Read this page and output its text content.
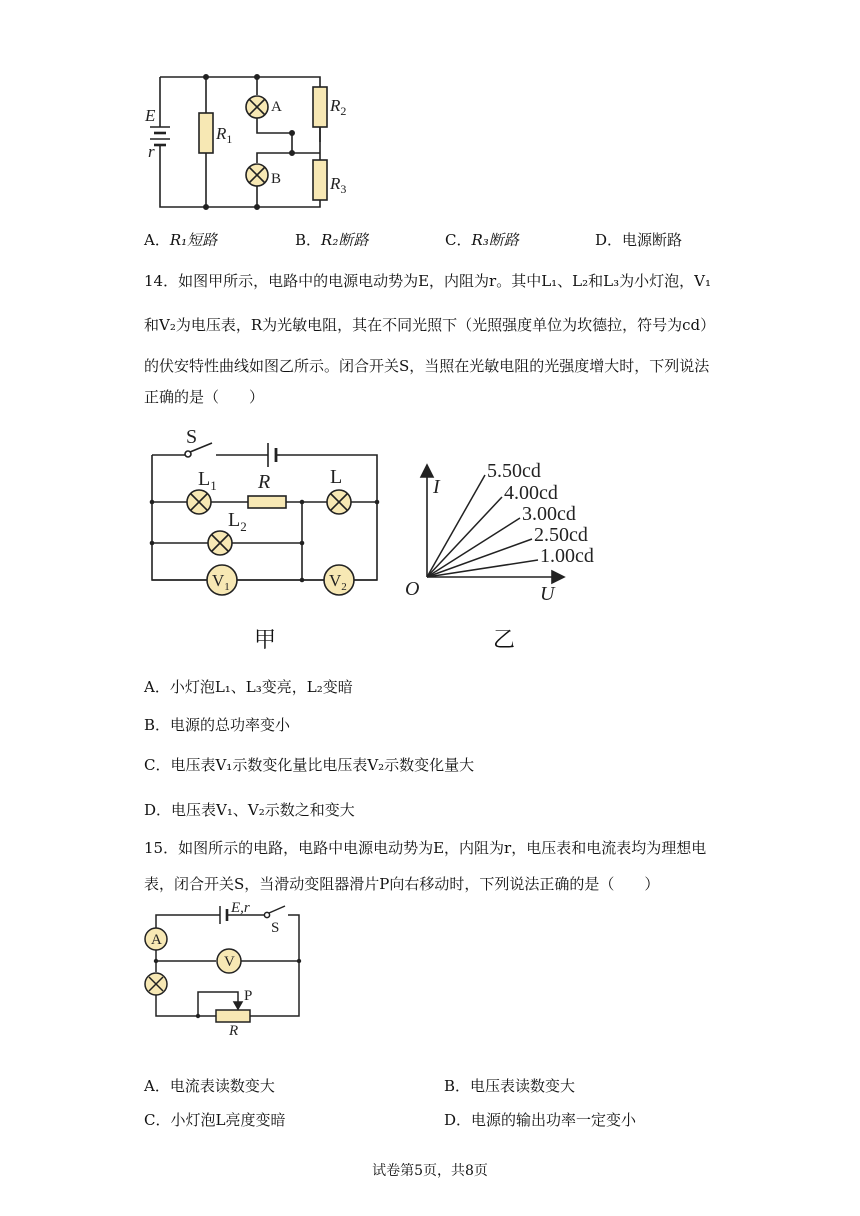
E
r
$R_1$
$R_2$
$R_3$
A
B
A．R₁短路	B．R₂断路	C．R₃断路	D．电源断路
14．如图甲所示，电路中的电源电动势为E，内阻为r。其中L₁、L₂和L₃为小灯泡，V₁
和V₂为电压表，R为光敏电阻，其在不同光照下（光照强度单位为坎德拉，符号为cd）
的伏安特性曲线如图乙所示。闭合开关S，当照在光敏电阻的光强度增大时，下列说法
正确的是（　　）
S
$L_1$ R	L
$L_2$
$V_1$	$V_2$
I
O	U
5.50cd
4.00cd
3.00cd
2.50cd
1.00cd
甲	乙
A．小灯泡L₁、L₃变亮，L₂变暗
B．电源的总功率变小
C．电压表V₁示数变化量比电压表V₂示数变化量大
D．电压表V₁、V₂示数之和变大
15．如图所示的电路，电路中电源电动势为E，内阻为r，电压表和电流表均为理想电
表，闭合开关S，当滑动变阻器滑片P向右移动时，下列说法正确的是（　　）
A
V
E,r
S
P
R
A．电流表读数变大	B．电压表读数变大
C．小灯泡L亮度变暗	D．电源的输出功率一定变小
试卷第5页，共8页
